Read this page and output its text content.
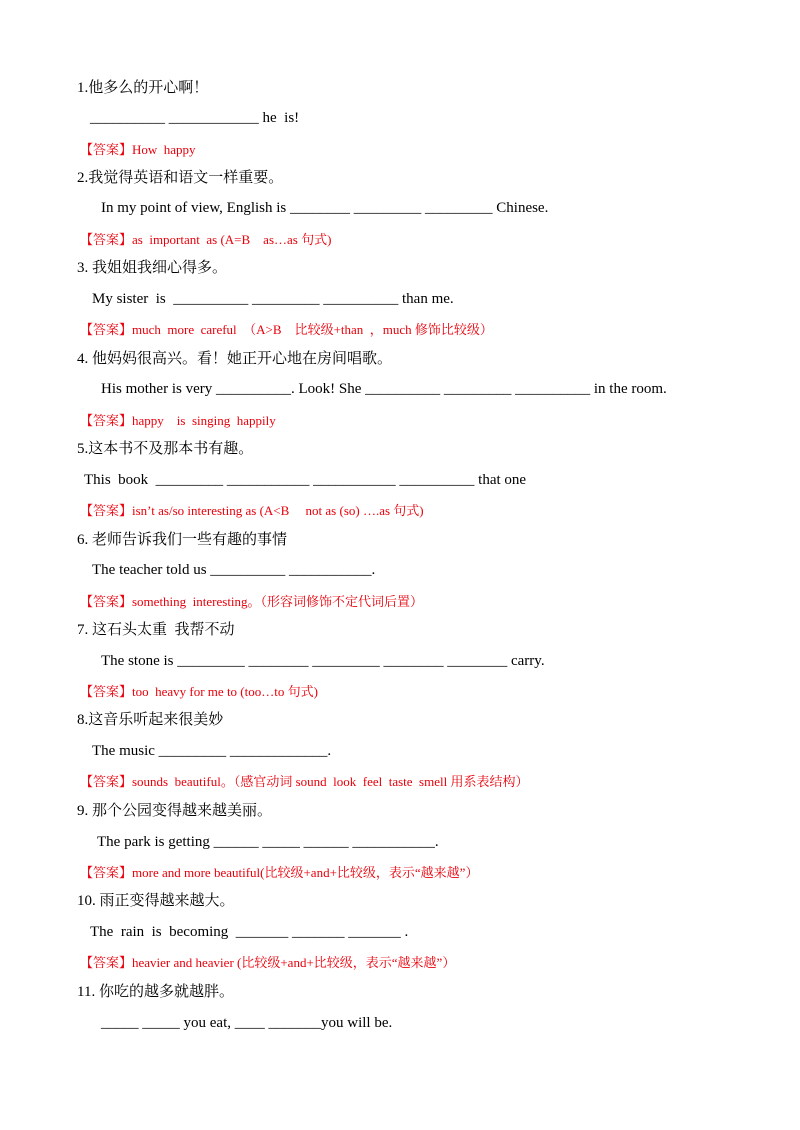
1.他多么的开心啊！
__________ ____________ he  is!
【答案】How  happy
2.我觉得英语和语文一样重要。
In my point of view, English is ________ _________ _________ Chinese.
【答案】as  important  as (A=B    as…as 句式)
3. 我姐姐我细心得多。
My sister  is  __________ _________ __________ than me.
【答案】much  more  careful  （A>B    比较级+than  ，much 修饰比较级）
4. 他妈妈很高兴。看！她正开心地在房间唱歌。
His mother is very __________. Look! She __________ _________ __________ in the room.
【答案】happy    is  singing  happily
5.这本书不及那本书有趣。
This  book  _________ ___________ ___________ __________ that one
【答案】isn’t as/so interesting as (A<B     not as (so) ….as 句式)
6. 老师告诉我们一些有趣的事情
The teacher told us __________ ___________.
【答案】something  interesting。（形容词修饰不定代词后置）
7. 这石头太重  我帮不动
The stone is _________ ________ _________ ________ ________ carry.
【答案】too  heavy for me to (too…to 句式)
8.这音乐听起来很美妙
The music _________ _____________.
【答案】sounds  beautiful。（感官动词 sound  look  feel  taste  smell 用系表结构）
9. 那个公园变得越来越美丽。
The park is getting ______ _____ ______ ___________.
【答案】more and more beautiful(比较级+and+比较级，表示“越来越”）
10. 雨正变得越来越大。
The  rain  is  becoming  _______ _______ _______ .
【答案】heavier and heavier (比较级+and+比较级，表示“越来越”）
11. 你吃的越多就越胖。
_____ _____ you eat, ____ _______you will be.
